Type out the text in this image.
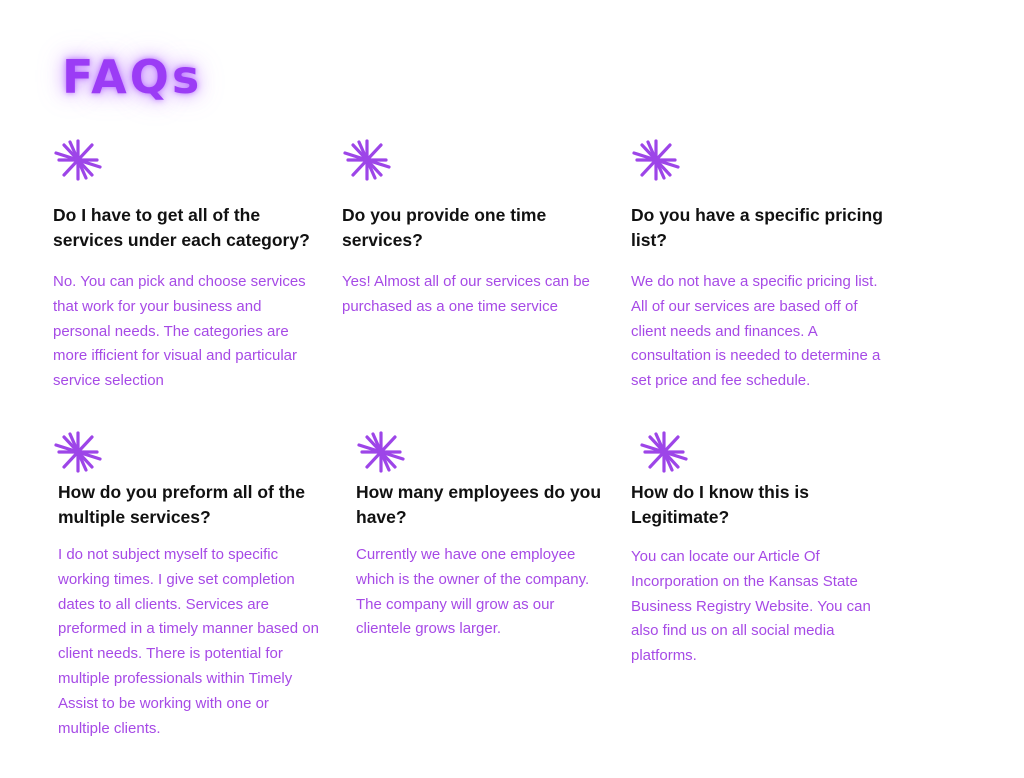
FAQs
Do I have to get all of the services under each category?

No. You can pick and choose services that work for your business and personal needs. The categories are more ifficient for visual and particular service selection

Do you provide one time services?

Yes! Almost all of our services can be purchased as a one time service

Do you have a specific pricing list?

We do not have a specific pricing list. All of our services are based off of client needs and finances. A consultation is needed to determine a set price and fee schedule.

How do you preform all of the multiple services?

I do not subject myself to specific working times. I give set completion dates to all clients. Services are preformed in a timely manner based on client needs. There is potential for multiple professionals within Timely Assist to be working with one or multiple clients.

How many employees do you have?

Currently we have one employee which is the owner of the company. The company will grow as our clientele grows larger.

How do I know this is Legitimate?

You can locate our Article Of Incorporation on the Kansas State Business Registry Website. You can also find us on all social media platforms.
